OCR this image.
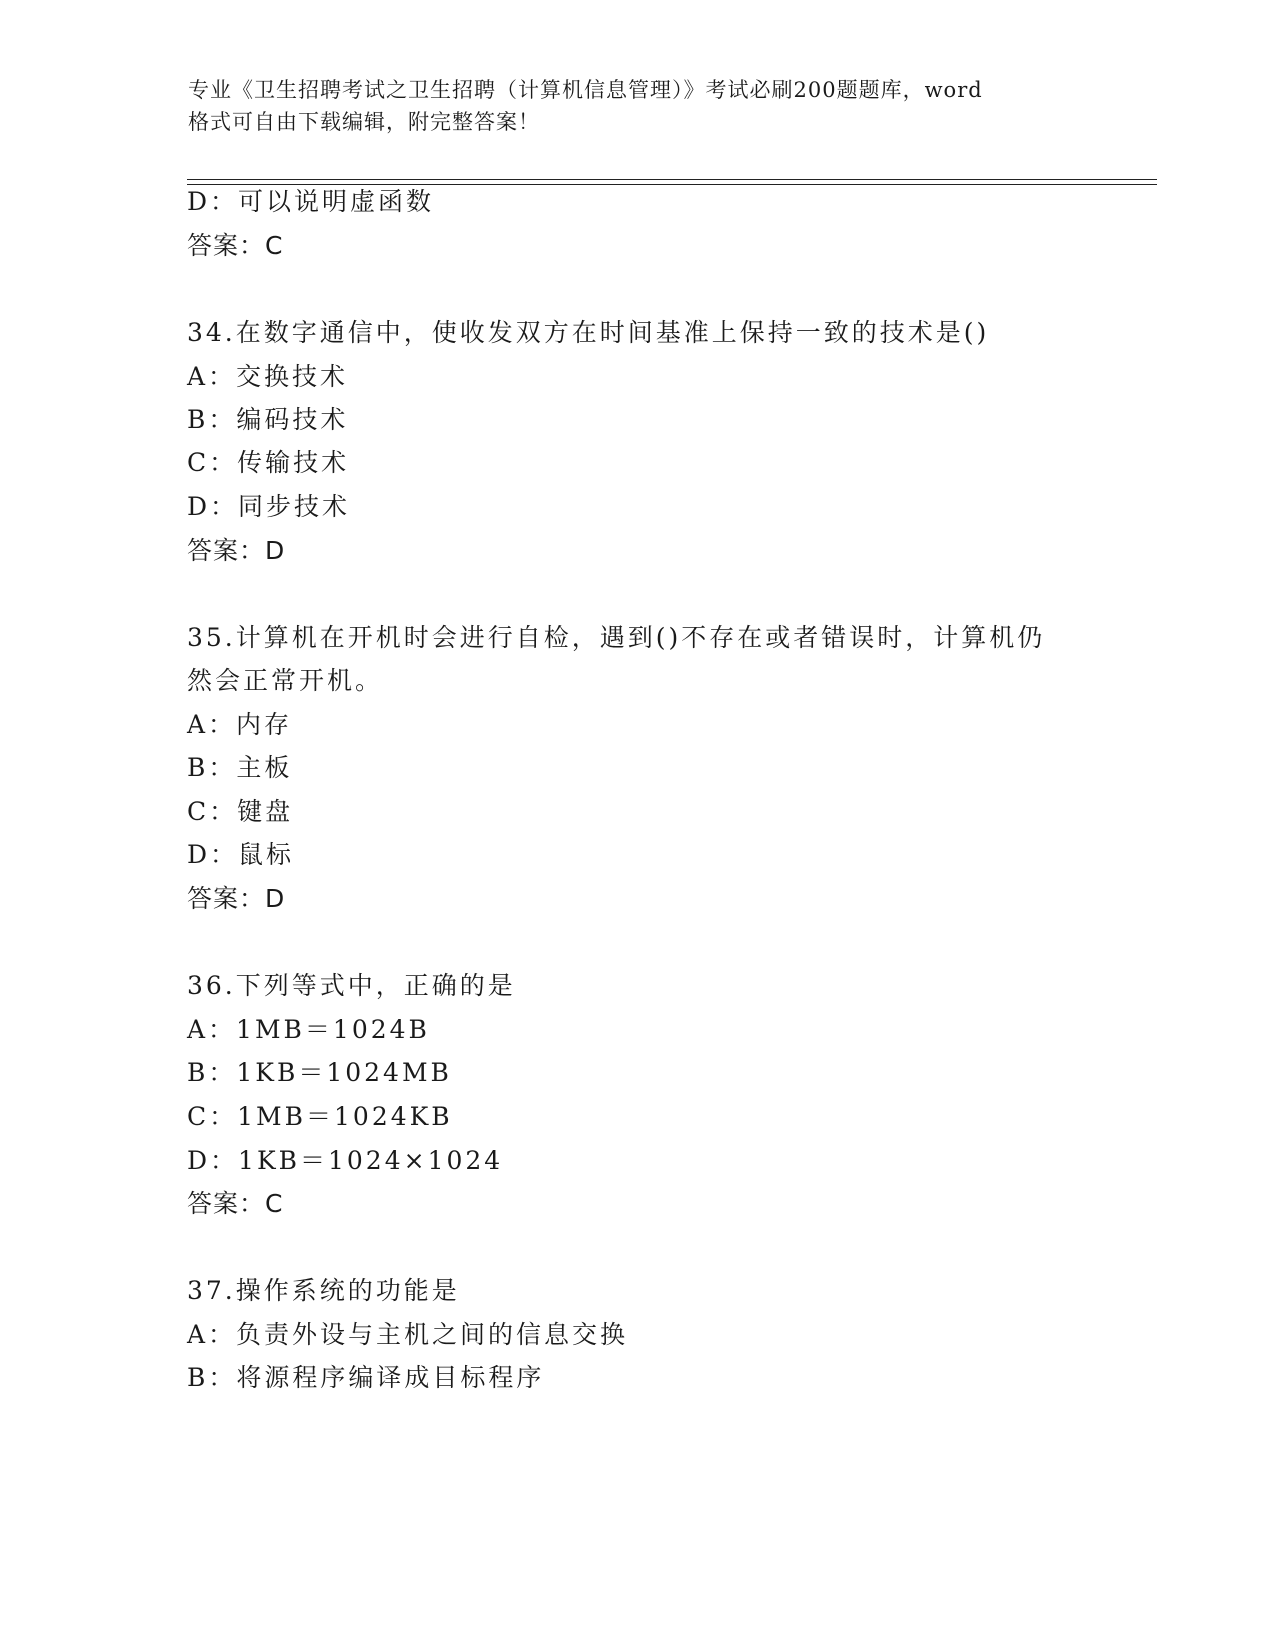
专业《卫生招聘考试之卫生招聘（计算机信息管理）》考试必刷200题题库，word
格式可自由下载编辑，附完整答案！
D：可以说明虚函数
答案：C
34.在数字通信中，使收发双方在时间基准上保持一致的技术是()
A：交换技术
B：编码技术
C：传输技术
D：同步技术
答案：D
35.计算机在开机时会进行自检，遇到()不存在或者错误时，计算机仍
然会正常开机。
A：内存
B：主板
C：键盘
D：鼠标
答案：D
36.下列等式中，正确的是
A：1MB＝1024B
B：1KB＝1024MB
C：1MB＝1024KB
D：1KB＝1024×1024
答案：C
37.操作系统的功能是
A：负责外设与主机之间的信息交换
B：将源程序编译成目标程序
